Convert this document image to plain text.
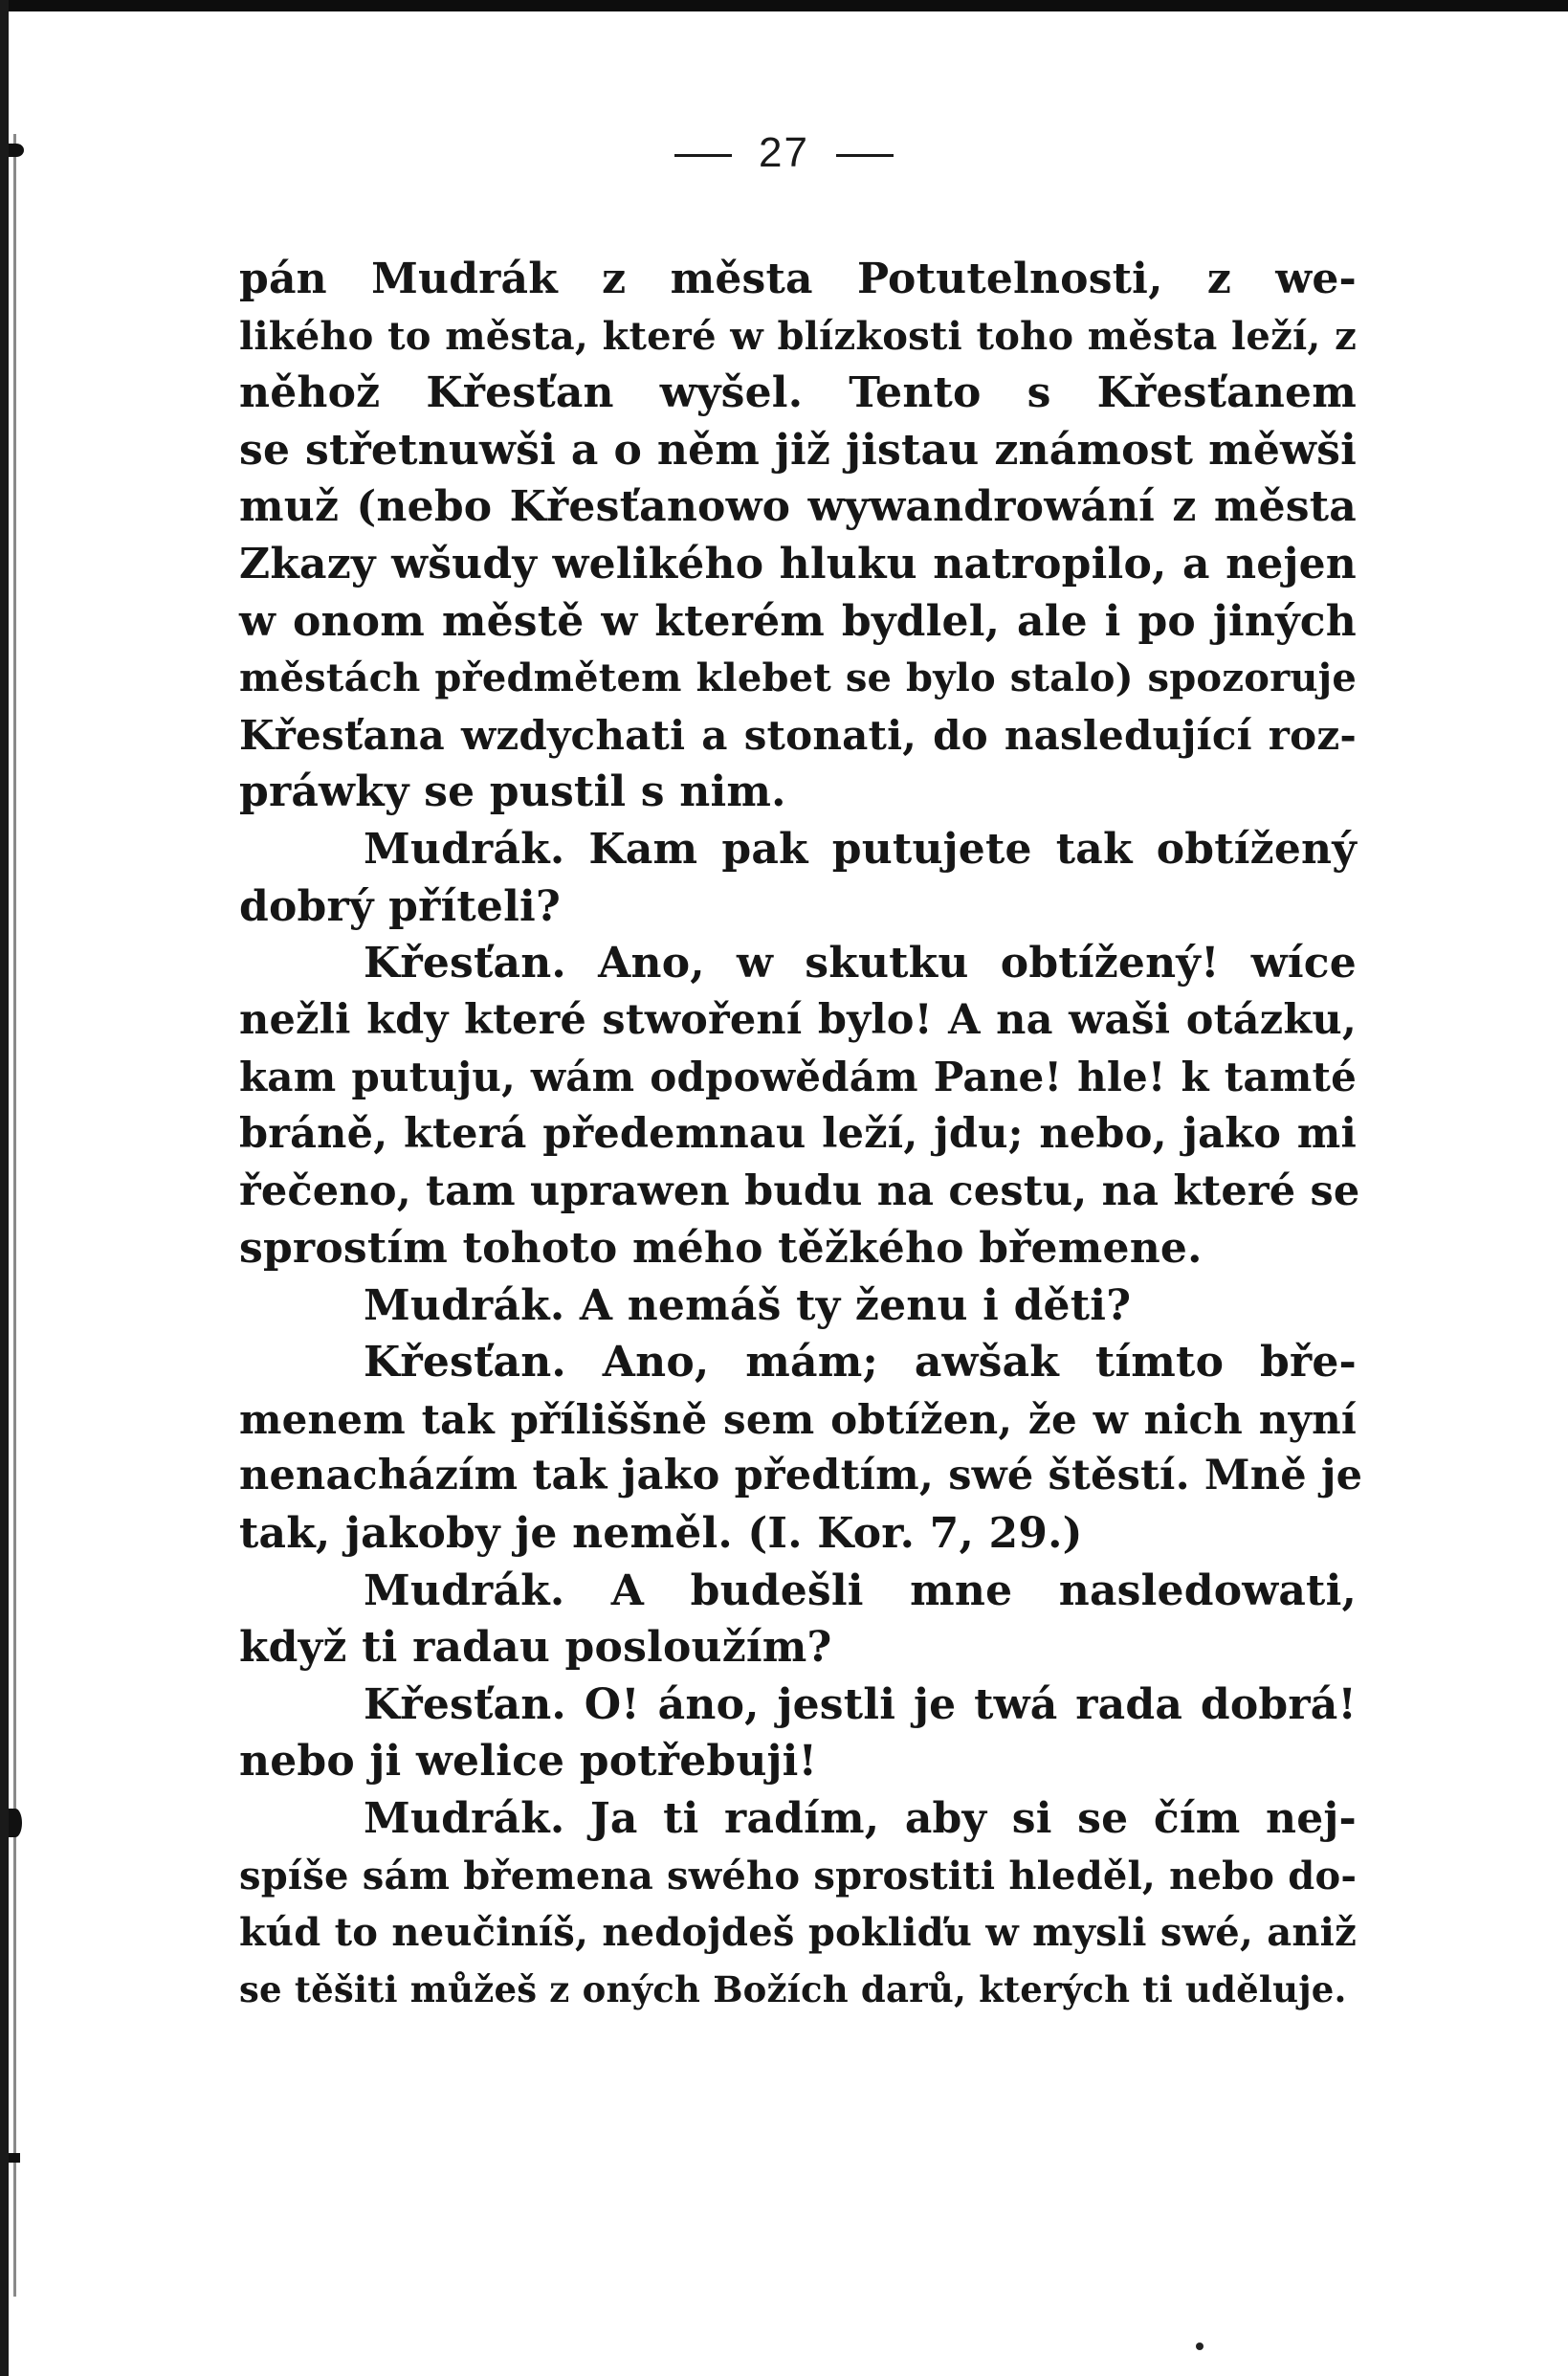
27
pán Mudrák z města Potutelnosti, z we-
likého to města, které w blízkosti toho města leží, z
něhož Křesťan wyšel. Tento s Křesťanem
se střetnuwši a o něm již jistau známost měwši
muž (nebo Křesťanowo wywandrowání z města
Zkazy wšudy welikého hluku natropilo, a nejen
w onom městě w kterém bydlel, ale i po jiných
městách předmětem klebet se bylo stalo) spozoruje
Křesťana wzdychati a stonati, do nasledující roz-
práwky se pustil s nim.
Mudrák. Kam pak putujete tak obtížený
dobrý příteli?
Křesťan. Ano, w skutku obtížený! wíce
nežli kdy které stwoření bylo! A na waši otázku,
kam putuju, wám odpowědám Pane! hle! k tamté
bráně, která předemnau leží, jdu; nebo, jako mi
řečeno, tam uprawen budu na cestu, na které se
sprostím tohoto mého těžkého břemene.
Mudrák. A nemáš ty ženu i děti?
Křesťan. Ano, mám; awšak tímto bře-
menem tak příliššně sem obtížen, že w nich nyní
nenacházím tak jako předtím, swé štěstí. Mně je
tak, jakoby je neměl. (I. Kor. 7, 29.)
Mudrák. A budešli mne nasledowati,
když ti radau posloužím?
Křesťan. O! áno, jestli je twá rada dobrá!
nebo ji welice potřebuji!
Mudrák. Ja ti radím, aby si se čím nej-
spíše sám břemena swého sprostiti hleděl, nebo do-
kúd to neučiníš, nedojdeš pokliďu w mysli swé, aniž
se těšiti můžeš z oných Božích darů, kterých ti uděluje.
